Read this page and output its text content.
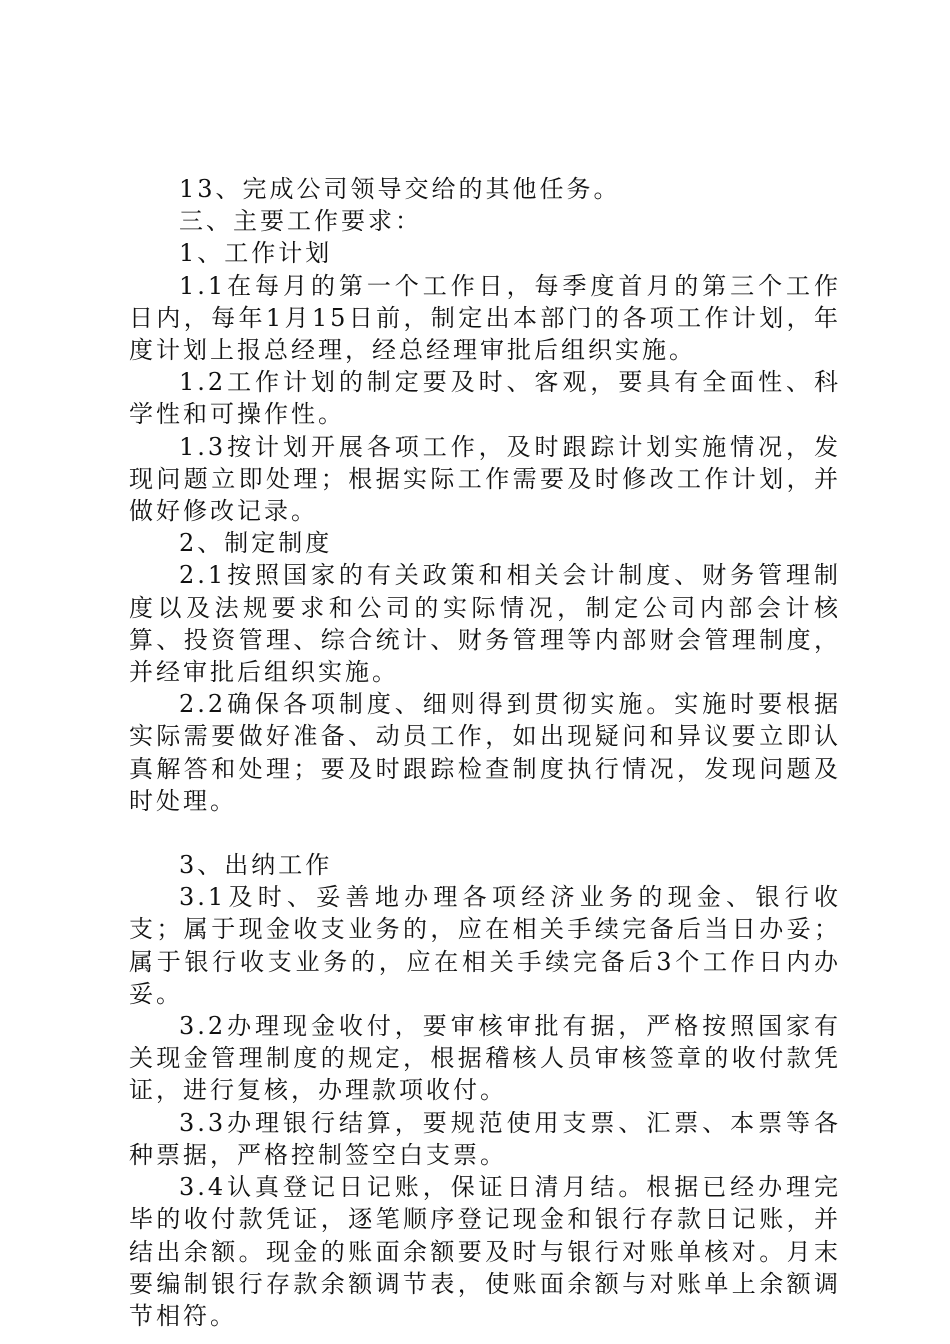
13、完成公司领导交给的其他任务。

三、主要工作要求：

1、工作计划

1.1在每月的第一个工作日，每季度首月的第三个工作日内，每年1月15日前，制定出本部门的各项工作计划，年度计划上报总经理，经总经理审批后组织实施。

1.2工作计划的制定要及时、客观，要具有全面性、科学性和可操作性。

1.3按计划开展各项工作，及时跟踪计划实施情况，发现问题立即处理；根据实际工作需要及时修改工作计划，并做好修改记录。

2、制定制度

2.1按照国家的有关政策和相关会计制度、财务管理制度以及法规要求和公司的实际情况，制定公司内部会计核算、投资管理、综合统计、财务管理等内部财会管理制度，并经审批后组织实施。

2.2确保各项制度、细则得到贯彻实施。实施时要根据实际需要做好准备、动员工作，如出现疑问和异议要立即认真解答和处理；要及时跟踪检查制度执行情况，发现问题及时处理。

3、出纳工作

3.1及时、妥善地办理各项经济业务的现金、银行收支；属于现金收支业务的，应在相关手续完备后当日办妥；属于银行收支业务的，应在相关手续完备后3个工作日内办妥。

3.2办理现金收付，要审核审批有据，严格按照国家有关现金管理制度的规定，根据稽核人员审核签章的收付款凭证，进行复核，办理款项收付。

3.3办理银行结算，要规范使用支票、汇票、本票等各种票据，严格控制签空白支票。

3.4认真登记日记账，保证日清月结。根据已经办理完毕的收付款凭证，逐笔顺序登记现金和银行存款日记账，并结出余额。现金的账面余额要及时与银行对账单核对。月末要编制银行存款余额调节表，使账面余额与对账单上余额调节相符。
